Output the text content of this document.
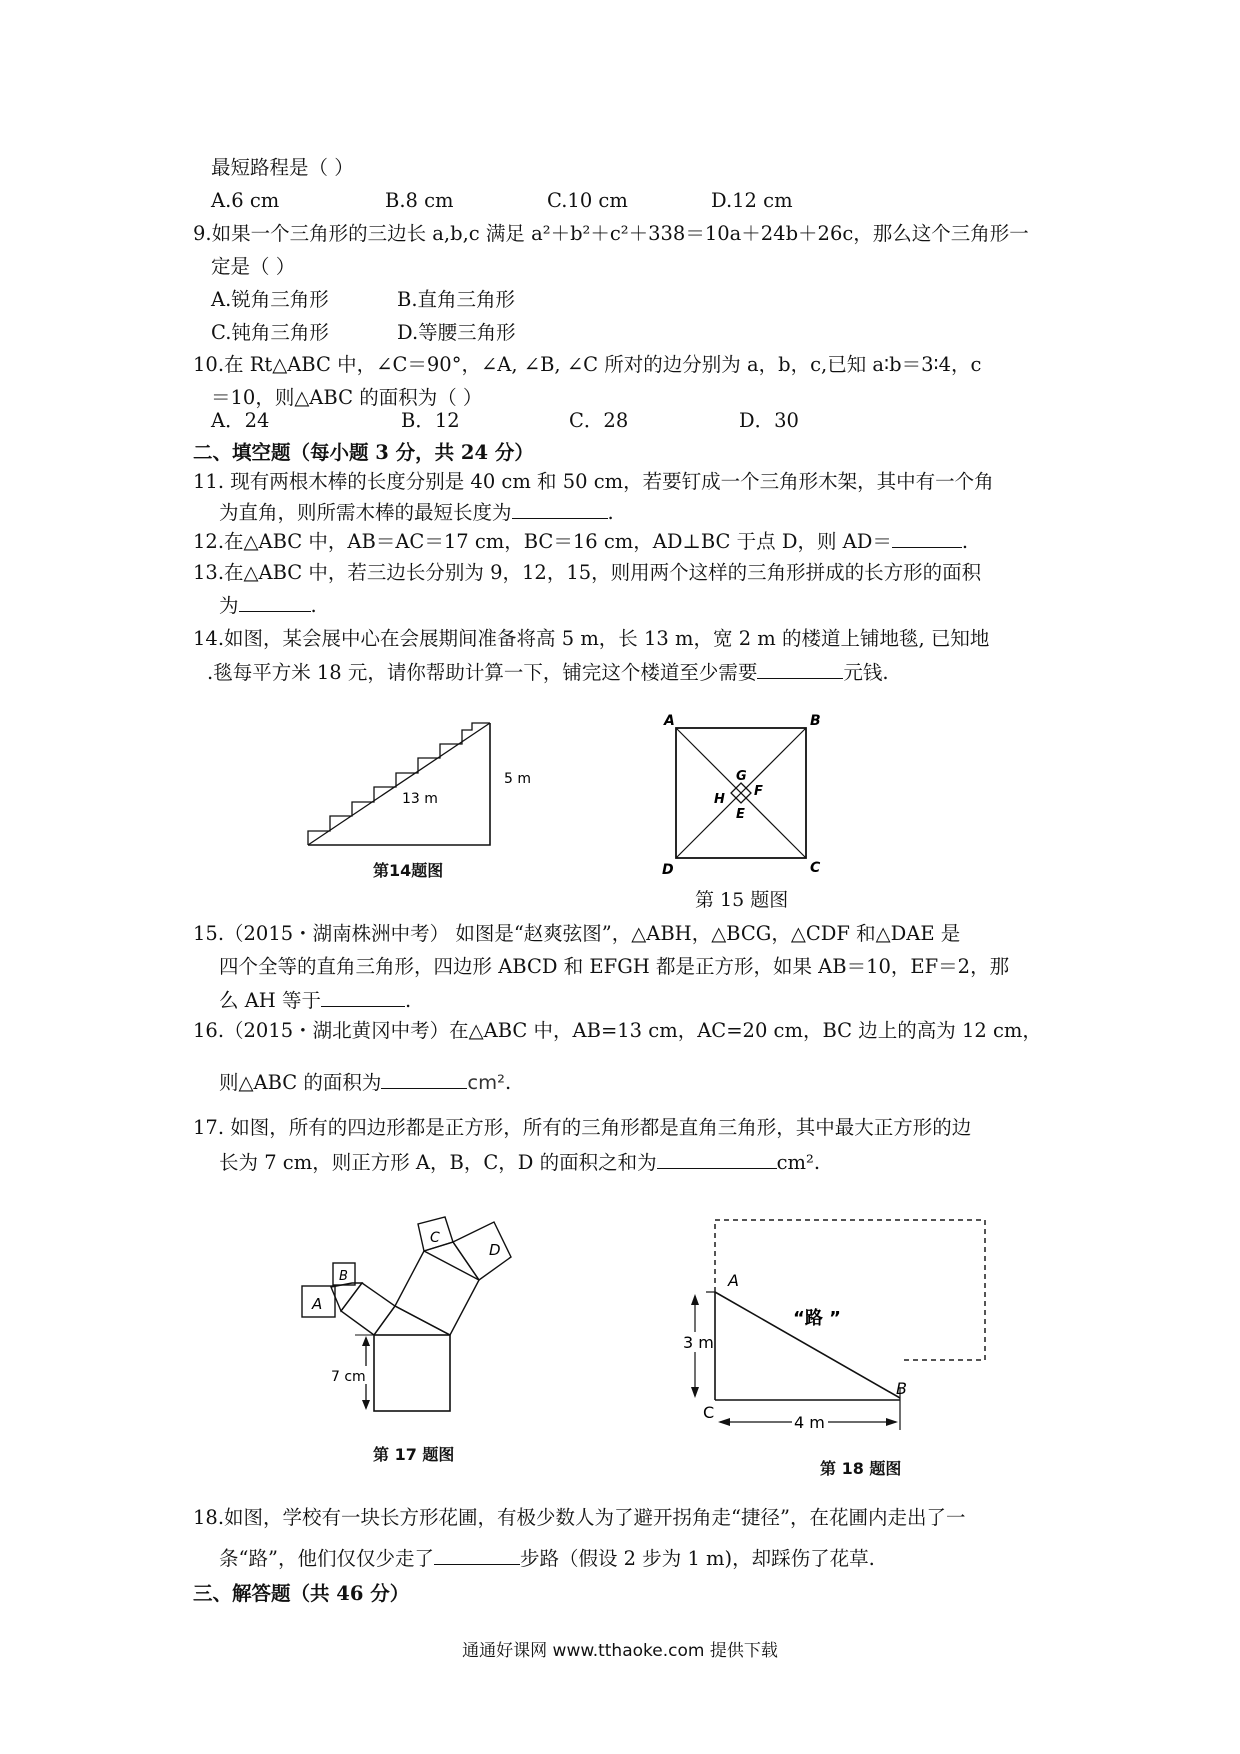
最短路程是（ ）
A.6 cm	B.8 cm	C.10 cm	D.12 cm
9.如果一个三角形的三边长 a,b,c 满足 a²＋b²＋c²＋338＝10a＋24b＋26c，那么这个三角形一
定是（ ）
A.锐角三角形	B.直角三角形
C.钝角三角形	D.等腰三角形
10.在 Rt△ABC 中，∠C＝90°，∠A, ∠B, ∠C 所对的边分别为 a，b，c,已知 a∶b＝3∶4，c
＝10，则△ABC 的面积为（ ）
A．24	B．12	C．28	D．30
二、填空题（每小题 3 分，共 24 分）
11. 现有两根木棒的长度分别是 40 cm 和 50 cm，若要钉成一个三角形木架，其中有一个角
为直角，则所需木棒的最短长度为	.
12.在△ABC 中，AB＝AC＝17 cm，BC＝16 cm，AD⊥BC 于点 D，则 AD＝	.
13.在△ABC 中，若三边长分别为 9，12，15，则用两个这样的三角形拼成的长方形的面积
为	.
14.如图，某会展中心在会展期间准备将高 5 m，长 13 m，宽 2 m 的楼道上铺地毯, 已知地
.毯每平方米 18 元，请你帮助计算一下，铺完这个楼道至少需要	元钱.
13 m
5 m
第14题图
A	B
C
D
G
F
H
E
第 15 题图
15.（2015・湖南株洲中考） 如图是“赵爽弦图”，△ABH，△BCG，△CDF 和△DAE 是
四个全等的直角三角形，四边形 ABCD 和 EFGH 都是正方形，如果 AB＝10，EF＝2，那
么 AH 等于	.
16.（2015・湖北黄冈中考）在△ABC 中，AB=13 cm，AC=20 cm，BC 边上的高为 12 cm，
则△ABC 的面积为	cm².
17. 如图，所有的四边形都是正方形，所有的三角形都是直角三角形，其中最大正方形的边
长为 7 cm，则正方形 A，B，C，D 的面积之和为	cm².
A
B
C
D
7 cm
第 17 题图
3 m
4 m
A
B
C
“路 ”
第 18 题图
18.如图，学校有一块长方形花圃，有极少数人为了避开拐角走“捷径”，在花圃内走出了一
条“路”，他们仅仅少走了	步路（假设 2 步为 1 m)，却踩伤了花草.
三、解答题（共 46 分）
通通好课网 www.tthaoke.com 提供下载
